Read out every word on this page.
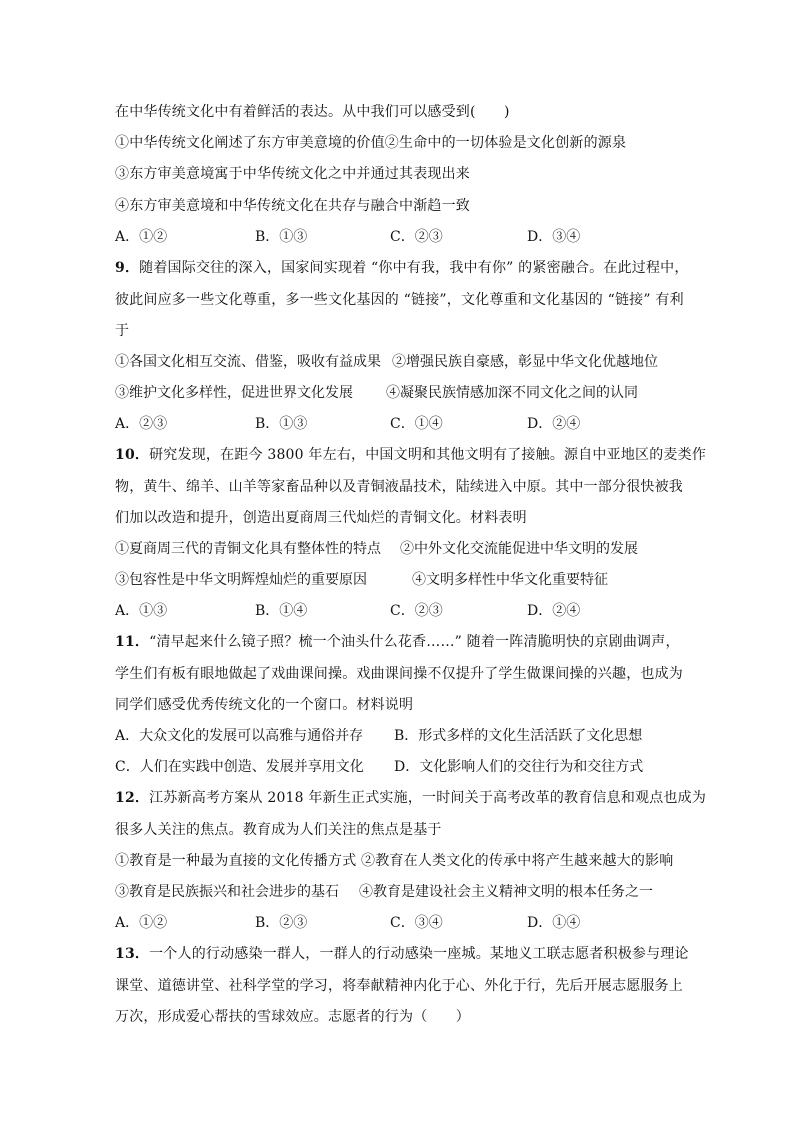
在中华传统文化中有着鲜活的表达。从中我们可以感受到(　　)
①中华传统文化阐述了东方审美意境的价值②生命中的一切体验是文化创新的源泉
③东方审美意境寓于中华传统文化之中并通过其表现出来
④东方审美意境和中华传统文化在共存与融合中渐趋一致
A．①②	B．①③	C．②③	D．③④
9．随着国际交往的深入，国家间实现着 “你中有我，我中有你” 的紧密融合。在此过程中，
彼此间应多一些文化尊重，多一些文化基因的 “链接”，文化尊重和文化基因的 “链接” 有利
于
①各国文化相互交流、借鉴，吸收有益成果 ②增强民族自豪感，彰显中华文化优越地位
③维护文化多样性，促进世界文化发展 ④凝聚民族情感加深不同文化之间的认同
A．②③	B．①③	C．①④	D．②④
10．研究发现，在距今 3800 年左右，中国文明和其他文明有了接触。源自中亚地区的麦类作
物，黄牛、绵羊、山羊等家畜品种以及青铜液晶技术，陆续进入中原。其中一部分很快被我
们加以改造和提升，创造出夏商周三代灿烂的青铜文化。材料表明
①夏商周三代的青铜文化具有整体性的特点 ②中外文化交流能促进中华文明的发展
③包容性是中华文明辉煌灿烂的重要原因	④文明多样性中华文化重要特征
A．①③	B．①④	C．②③	D．②④
11．“清早起来什么镜子照？梳一个油头什么花香……” 随着一阵清脆明快的京剧曲调声，
学生们有板有眼地做起了戏曲课间操。戏曲课间操不仅提升了学生做课间操的兴趣，也成为
同学们感受优秀传统文化的一个窗口。材料说明
A．大众文化的发展可以高雅与通俗并存 B．形式多样的文化生活活跃了文化思想
C．人们在实践中创造、发展并享用文化 D．文化影响人们的交往行为和交往方式
12．江苏新高考方案从 2018 年新生正式实施，一时间关于高考改革的教育信息和观点也成为
很多人关注的焦点。教育成为人们关注的焦点是基于
①教育是一种最为直接的文化传播方式 ②教育在人类文化的传承中将产生越来越大的影响
③教育是民族振兴和社会进步的基石 ④教育是建设社会主义精神文明的根本任务之一
A．①②	B．②③	C．③④	D．①④
13．一个人的行动感染一群人，一群人的行动感染一座城。某地义工联志愿者积极参与理论
课堂、道德讲堂、社科学堂的学习，将奉献精神内化于心、外化于行，先后开展志愿服务上
万次，形成爱心帮扶的雪球效应。志愿者的行为（　　）
